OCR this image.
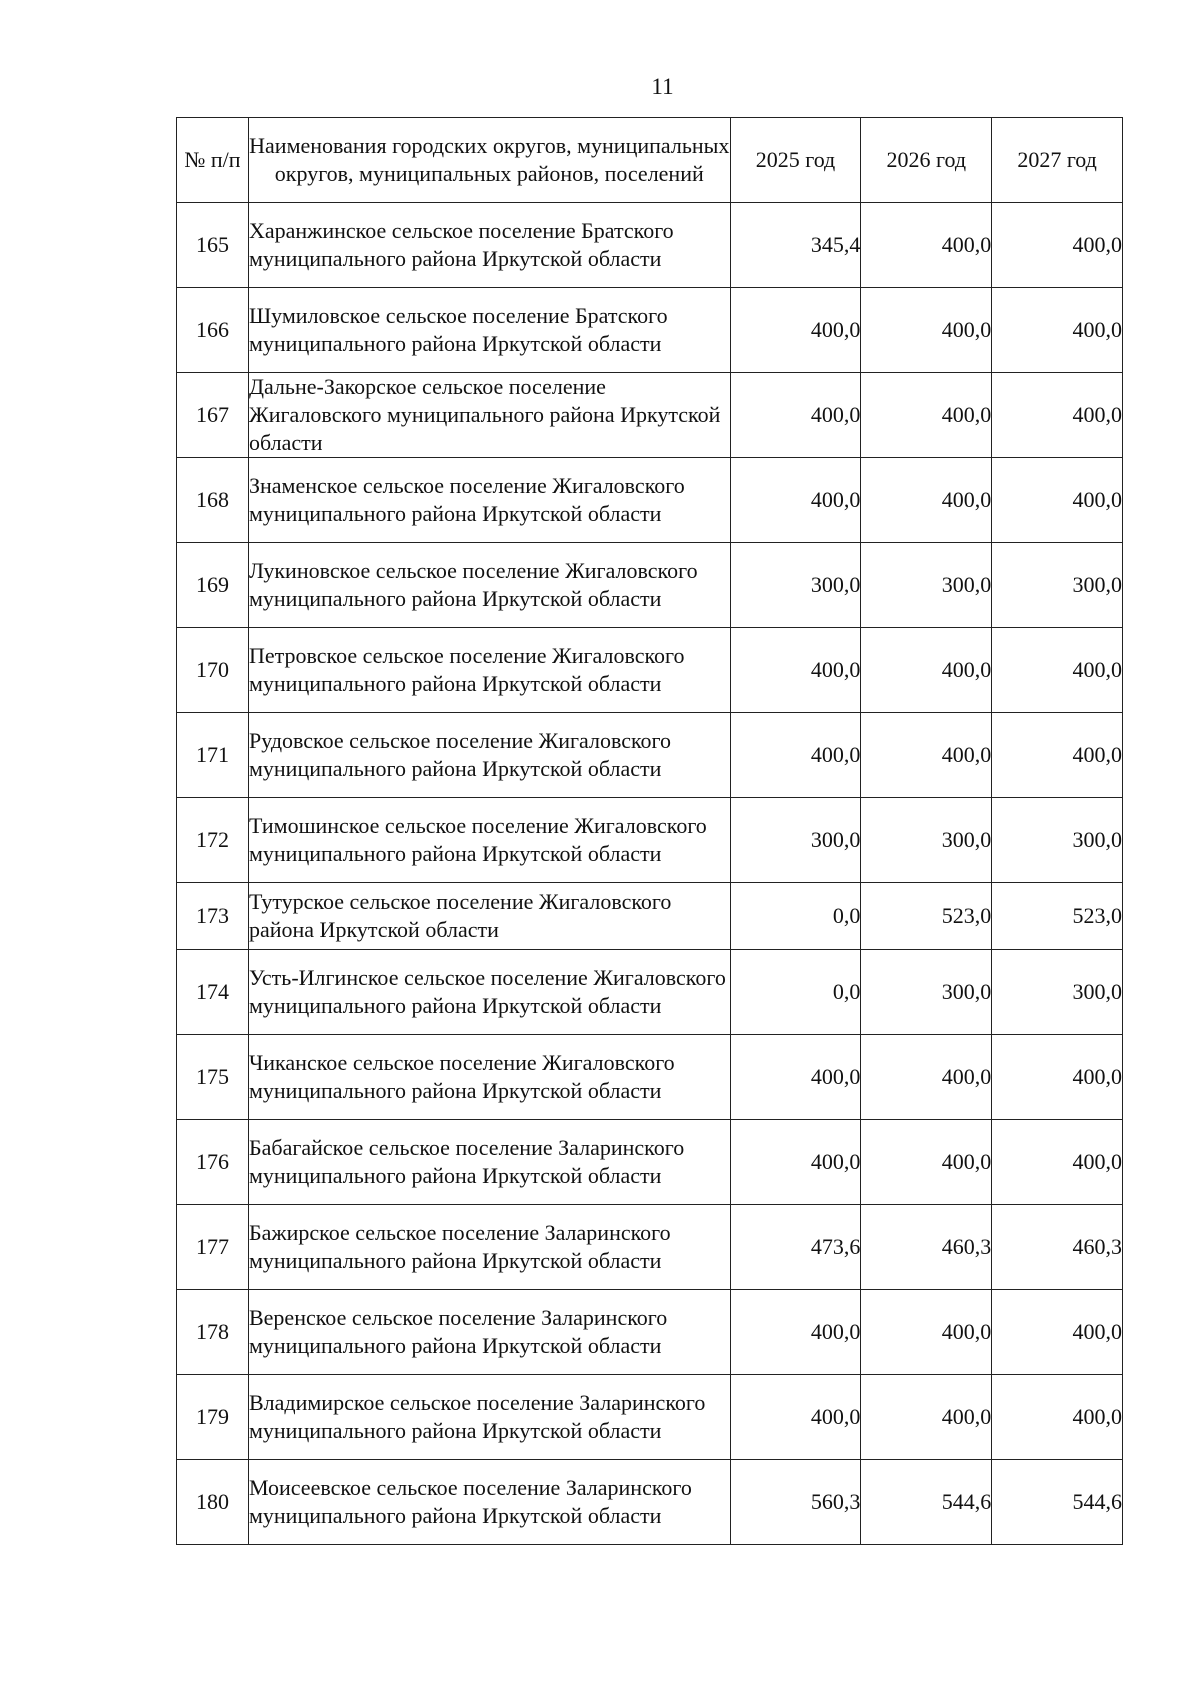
11
№ п/п	Наименования городских округов, муниципальных округов, муниципальных районов, поселений	2025 год	2026 год	2027 год
165	Харанжинское сельское поселение Братского муниципального района Иркутской области	345,4	400,0	400,0
166	Шумиловское сельское поселение Братского муниципального района Иркутской области	400,0	400,0	400,0
167	Дальне-Закорское сельское поселение Жигаловского муниципального района Иркутской области	400,0	400,0	400,0
168	Знаменское сельское поселение Жигаловского муниципального района Иркутской области	400,0	400,0	400,0
169	Лукиновское сельское поселение Жигаловского муниципального района Иркутской области	300,0	300,0	300,0
170	Петровское сельское поселение Жигаловского муниципального района Иркутской области	400,0	400,0	400,0
171	Рудовское сельское поселение Жигаловского муниципального района Иркутской области	400,0	400,0	400,0
172	Тимошинское сельское поселение Жигаловского муниципального района Иркутской области	300,0	300,0	300,0
173	Тутурское сельское поселение Жигаловского района Иркутской области	0,0	523,0	523,0
174	Усть-Илгинское сельское поселение Жигаловского муниципального района Иркутской области	0,0	300,0	300,0
175	Чиканское сельское поселение Жигаловского муниципального района Иркутской области	400,0	400,0	400,0
176	Бабагайское сельское поселение Заларинского муниципального района Иркутской области	400,0	400,0	400,0
177	Бажирское сельское поселение Заларинского муниципального района Иркутской области	473,6	460,3	460,3
178	Веренское сельское поселение Заларинского муниципального района Иркутской области	400,0	400,0	400,0
179	Владимирское сельское поселение Заларинского муниципального района Иркутской области	400,0	400,0	400,0
180	Моисеевское сельское поселение Заларинского муниципального района Иркутской области	560,3	544,6	544,6
